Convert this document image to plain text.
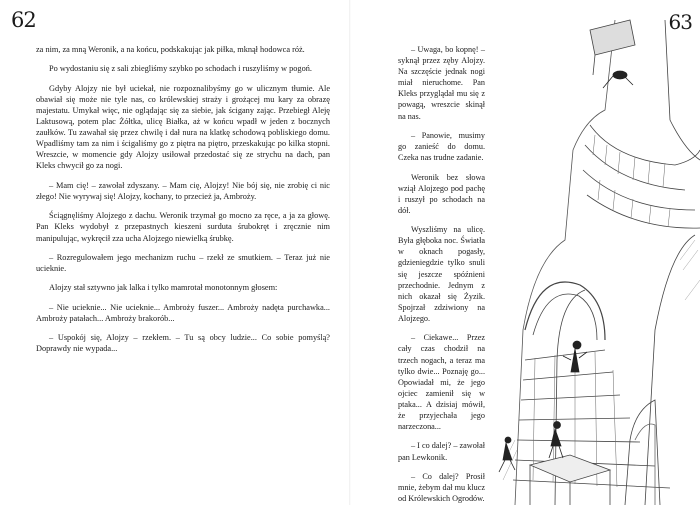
62

za nim, za mną Weronik, a na końcu, podskakując jak piłka, mknął hodowca róż.

Po wydostaniu się z sali zbiegliśmy szybko po schodach i ruszyliśmy w pogoń.

Gdyby Alojzy nie był uciekał, nie rozpoznalibyśmy go w ulicznym tłumie. Ale obawiał się może nie tyle nas, co królewskiej straży i grożącej mu kary za obrazę majestatu. Umykał więc, nie oglądając się za siebie, jak ścigany zając. Przebiegł Aleję Laktusową, potem plac Żółtka, ulicę Białka, aż w końcu wpadł w jeden z bocznych zaułków. Tu zawahał się przez chwilę i dał nura na klatkę schodową pobliskiego domu. Wpadliśmy tam za nim i ścigaliśmy go z piętra na piętro, przeskakując po kilka stopni. Wreszcie, w momencie gdy Alojzy usiłował przedostać się ze strychu na dach, pan Kleks chwycił go za nogi.

– Mam cię! – zawołał zdyszany. – Mam cię, Alojzy! Nie bój się, nie zrobię ci nic złego! Nie wyrywaj się! Alojzy, kochany, to przecież ja, Ambroży.

Ściągnęliśmy Alojzego z dachu. Weronik trzymał go mocno za ręce, a ja za głowę. Pan Kleks wydobył z przepastnych kieszeni surduta śrubokręt i zręcznie nim manipulując, wykręcił zza ucha Alojzego niewielką śrubkę.

– Rozregulowałem jego mechanizm ruchu – rzekł ze smutkiem. – Teraz już nie ucieknie.

Alojzy stał sztywno jak lalka i tylko mamrotał monotonnym głosem:

– Nie ucieknie... Nie ucieknie... Ambroży fuszer... Ambroży nadęta purchawka... Ambroży patałach... Ambroży brakorób...

– Uspokój się, Alojzy – rzekłem. – Tu są obcy ludzie... Co sobie pomyślą? Doprawdy nie wypada...

– Uwaga, bo kopnę! – syknął przez zęby Alojzy. Na szczęście jednak nogi miał nieruchome. Pan Kleks przyglądał mu się z powagą, wreszcie skinął na nas.

– Panowie, musimy go zanieść do domu. Czeka nas trudne zadanie.

Weronik bez słowa wziął Alojzego pod pachę i ruszył po schodach na dół.

Wyszliśmy na ulicę. Była głęboka noc. Światła w oknach pogasły, gdzieniegdzie tylko snuli się jeszcze spóźnieni przechodnie. Jednym z nich okazał się Żyzik. Spojrzał zdziwiony na Alojzego.

– Ciekawe... Przez cały czas chodził na trzech nogach, a teraz ma tylko dwie... Poznaję go... Opowiadał mi, że jego ojciec zamienił się w ptaka... A dzisiaj mówił, że przyjechała jego narzeczona...

– I co dalej? – zawołał pan Lewkonik.

– Co dalej? Prosił mnie, żebym dał mu klucz od Królewskich Ogrodów.

63
